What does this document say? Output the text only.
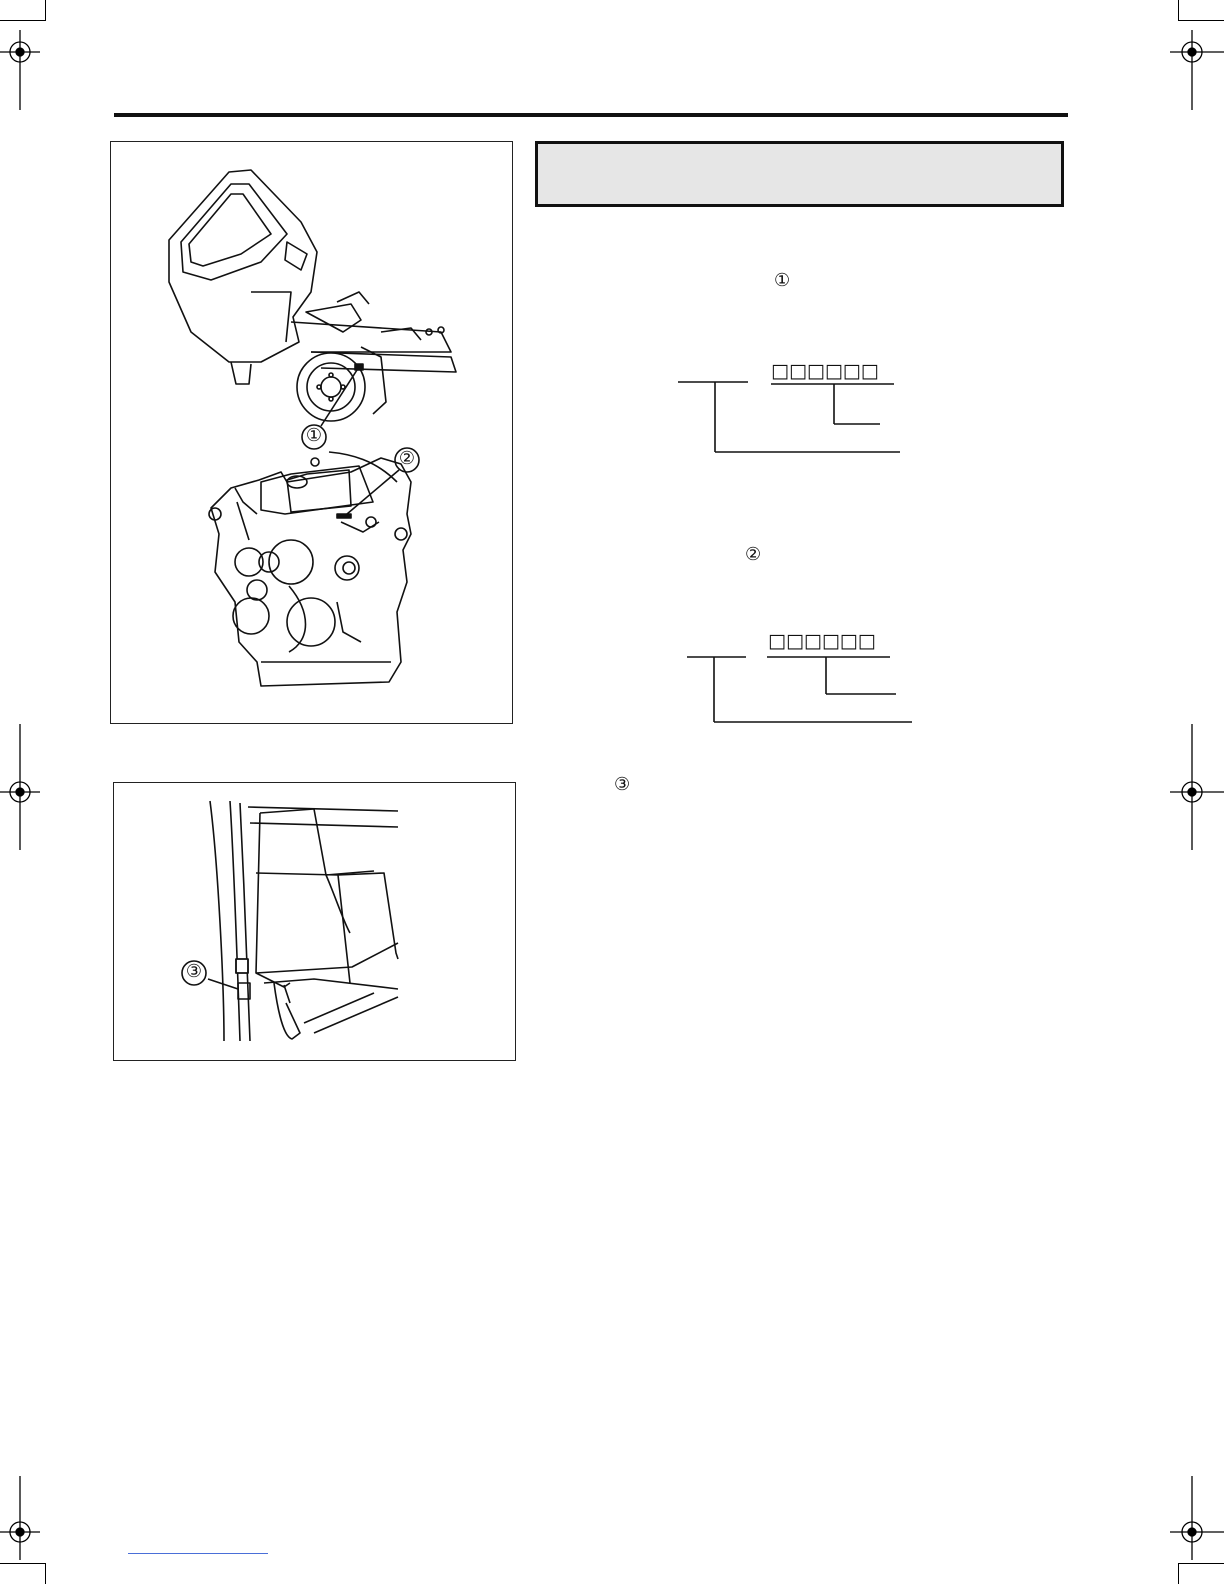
①
②
③
①
②
③
□□□□□□
□□□□□□
